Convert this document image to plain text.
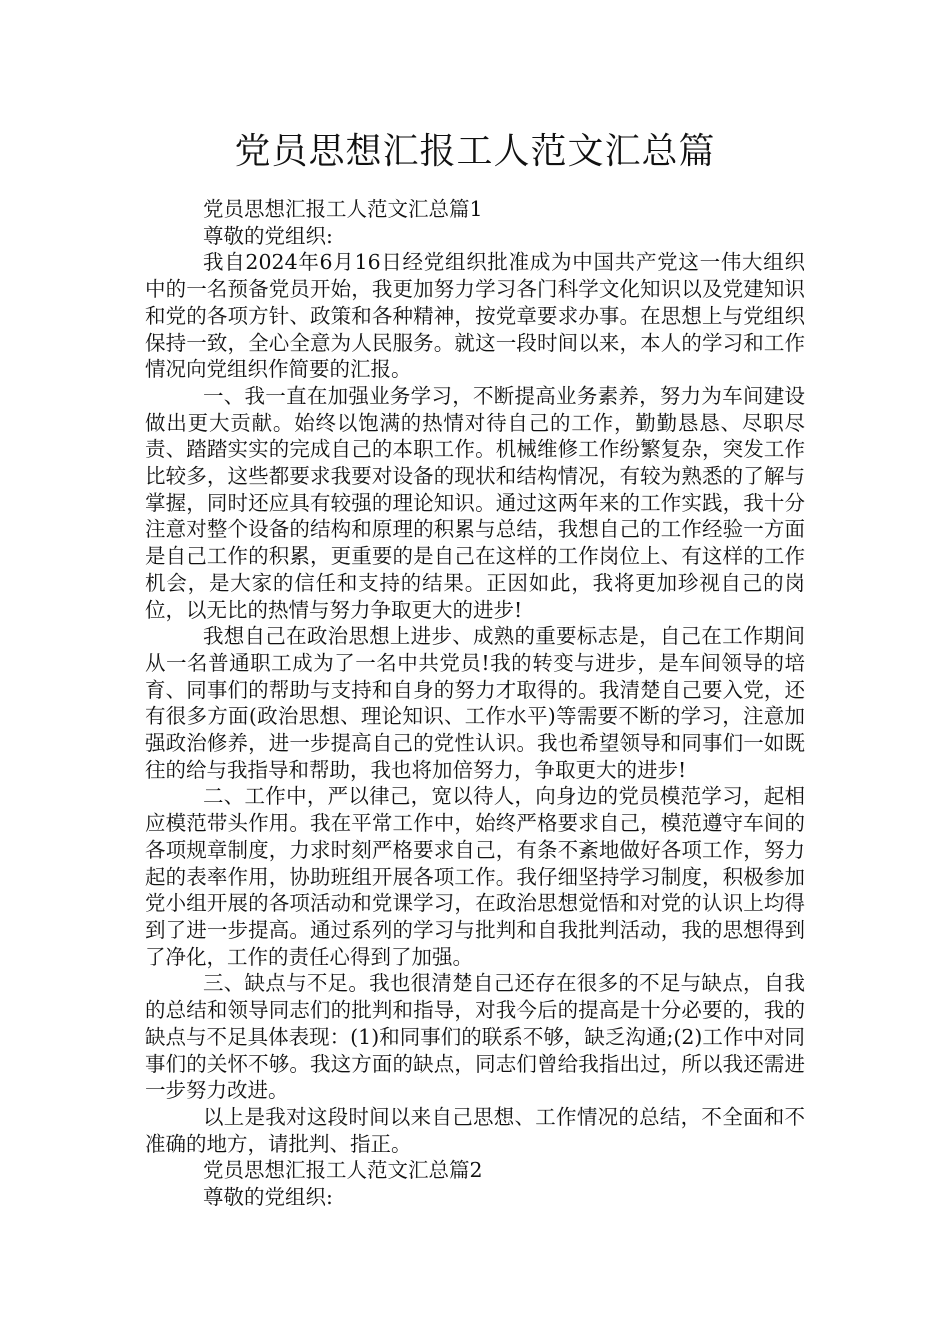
党员思想汇报工人范文汇总篇

党员思想汇报工人范文汇总篇1

尊敬的党组织:

我自2024年6月16日经党组织批准成为中国共产党这一伟大组织中的一名预备党员开始，我更加努力学习各门科学文化知识以及党建知识和党的各项方针、政策和各种精神，按党章要求办事。在思想上与党组织保持一致，全心全意为人民服务。就这一段时间以来，本人的学习和工作情况向党组织作简要的汇报。

一、我一直在加强业务学习，不断提高业务素养，努力为车间建设做出更大贡献。始终以饱满的热情对待自己的工作，勤勤恳恳、尽职尽责、踏踏实实的完成自己的本职工作。机械维修工作纷繁复杂，突发工作比较多，这些都要求我要对设备的现状和结构情况，有较为熟悉的了解与掌握，同时还应具有较强的理论知识。通过这两年来的工作实践，我十分注意对整个设备的结构和原理的积累与总结，我想自己的工作经验一方面是自己工作的积累，更重要的是自己在这样的工作岗位上、有这样的工作机会，是大家的信任和支持的结果。正因如此，我将更加珍视自己的岗位，以无比的热情与努力争取更大的进步!

我想自己在政治思想上进步、成熟的重要标志是，自己在工作期间从一名普通职工成为了一名中共党员!我的转变与进步，是车间领导的培育、同事们的帮助与支持和自身的努力才取得的。我清楚自己要入党，还有很多方面(政治思想、理论知识、工作水平)等需要不断的学习，注意加强政治修养，进一步提高自己的党性认识。我也希望领导和同事们一如既往的给与我指导和帮助，我也将加倍努力，争取更大的进步!

二、工作中，严以律己，宽以待人，向身边的党员模范学习，起相应模范带头作用。我在平常工作中，始终严格要求自己，模范遵守车间的各项规章制度，力求时刻严格要求自己，有条不紊地做好各项工作，努力起的表率作用，协助班组开展各项工作。我仔细坚持学习制度，积极参加党小组开展的各项活动和党课学习，在政治思想觉悟和对党的认识上均得到了进一步提高。通过系列的学习与批判和自我批判活动，我的思想得到了净化，工作的责任心得到了加强。

三、缺点与不足。我也很清楚自己还存在很多的不足与缺点，自我的总结和领导同志们的批判和指导，对我今后的提高是十分必要的，我的缺点与不足具体表现：(1)和同事们的联系不够，缺乏沟通;(2)工作中对同事们的关怀不够。我这方面的缺点，同志们曾给我指出过，所以我还需进一步努力改进。

以上是我对这段时间以来自己思想、工作情况的总结，不全面和不准确的地方，请批判、指正。

党员思想汇报工人范文汇总篇2

尊敬的党组织:
